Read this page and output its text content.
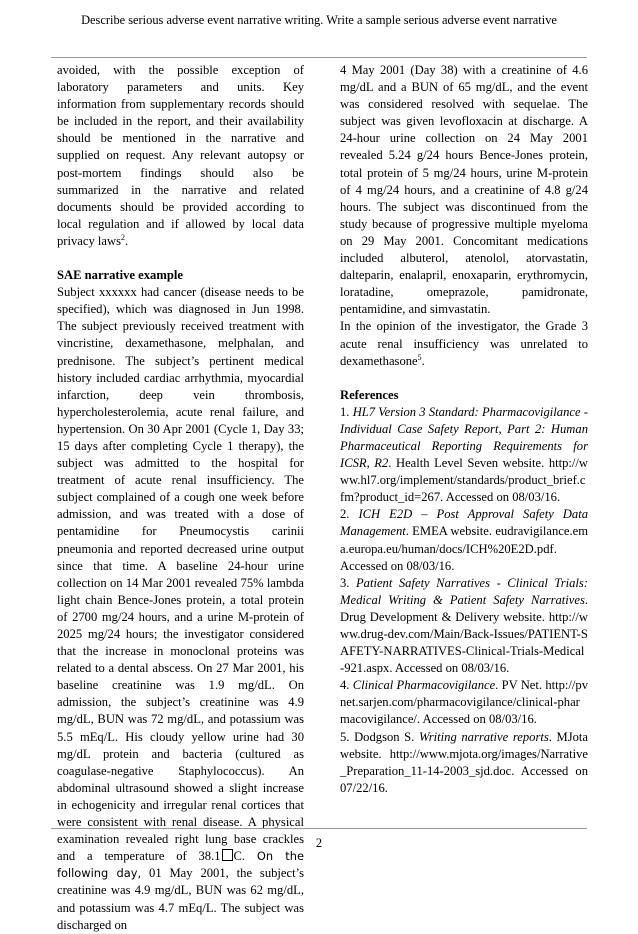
Describe serious adverse event narrative writing. Write a sample serious adverse event narrative

avoided, with the possible exception of laboratory parameters and units. Key information from supplementary records should be included in the report, and their availability should be mentioned in the narrative and supplied on request. Any relevant autopsy or post-mortem findings should also be summarized in the narrative and related documents should be provided according to local regulation and if allowed by local data privacy laws$^2$.

SAE narrative example

Subject xxxxxx had cancer (disease needs to be specified), which was diagnosed in Jun 1998. The subject previously received treatment with vincristine, dexamethasone, melphalan, and prednisone. The subject’s pertinent medical history included cardiac arrhythmia, myocardial infarction, deep vein thrombosis, hypercholesterolemia, acute renal failure, and hypertension. On 30 Apr 2001 (Cycle 1, Day 33; 15 days after completing Cycle 1 therapy), the subject was admitted to the hospital for treatment of acute renal insufficiency. The subject complained of a cough one week before admission, and was treated with a dose of pentamidine for Pneumocystis carinii pneumonia and reported decreased urine output since that time. A baseline 24-hour urine collection on 14 Mar 2001 revealed 75% lambda light chain Bence-Jones protein, a total protein of 2700 mg/24 hours, and a urine M-protein of 2025 mg/24 hours; the investigator considered that the increase in monoclonal proteins was related to a dental abscess. On 27 Mar 2001, his baseline creatinine was 1.9 mg/dL. On admission, the subject’s creatinine was 4.9 mg/dL, BUN was 72 mg/dL, and potassium was 5.5 mEq/L. His cloudy yellow urine had 30 mg/dL protein and bacteria (cultured as coagulase-negative Staphylococcus). An abdominal ultrasound showed a slight increase in echogenicity and irregular renal cortices that were consistent with renal disease. A physical examination revealed right lung base crackles and a temperature of 38.1 C. On the following day, 01 May 2001, the subject’s creatinine was 4.9 mg/dL, BUN was 62 mg/dL, and potassium was 4.7 mEq/L. The subject was discharged on

4 May 2001 (Day 38) with a creatinine of 4.6 mg/dL and a BUN of 65 mg/dL, and the event was considered resolved with sequelae. The subject was given levofloxacin at discharge. A 24-hour urine collection on 24 May 2001 revealed 5.24 g/24 hours Bence-Jones protein, total protein of 5 mg/24 hours, urine M-protein of 4 mg/24 hours, and a creatinine of 4.8 g/24 hours. The subject was discontinued from the study because of progressive multiple myeloma on 29 May 2001. Concomitant medications included albuterol, atenolol, atorvastatin, dalteparin, enalapril, enoxaparin, erythromycin, loratadine, omeprazole, pamidronate, pentamidine, and simvastatin.

In the opinion of the investigator, the Grade 3 acute renal insufficiency was unrelated to dexamethasone$^5$.

References

1. HL7 Version 3 Standard: Pharmacovigilance - Individual Case Safety Report, Part 2: Human Pharmaceutical Reporting Requirements for ICSR, R2. Health Level Seven website. http://www.hl7.org/implement/standards/product_brief.cfm?product_id=267. Accessed on 08/03/16.

2. ICH E2D – Post Approval Safety Data Management. EMEA website. eudravigilance.ema.europa.eu/human/docs/ICH%20E2D.pdf. Accessed on 08/03/16.

3. Patient Safety Narratives - Clinical Trials: Medical Writing & Patient Safety Narratives. Drug Development & Delivery website. http://www.drug-dev.com/Main/Back-Issues/PATIENT-SAFETY-NARRATIVES-Clinical-Trials-Medical-921.aspx. Accessed on 08/03/16.

4. Clinical Pharmacovigilance. PV Net. http://pvnet.sarjen.com/pharmacovigilance/clinical-pharmacovigilance/. Accessed on 08/03/16.

5. Dodgson S. Writing narrative reports. MJota website. http://www.mjota.org/images/Narrative_Preparation_11-14-2003_sjd.doc. Accessed on 07/22/16.

2
